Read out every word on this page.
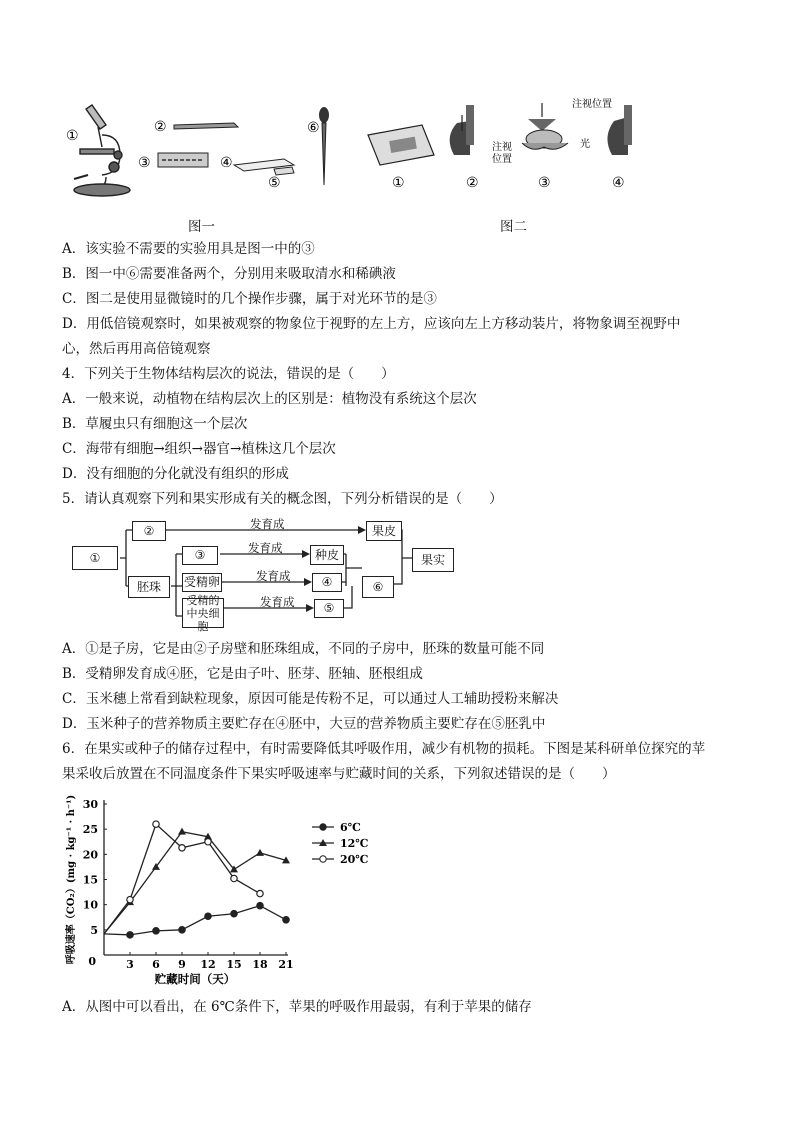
①
②
③	④
⑤
⑥
注视
位置
注视位置
光
①	②	③	④
图一	图二
A．该实验不需要的实验用具是图一中的③
B．图一中⑥需要准备两个，分别用来吸取清水和稀碘液
C．图二是使用显微镜时的几个操作步骤，属于对光环节的是③
D．用低倍镜观察时，如果被观察的物象位于视野的左上方，应该向左上方移动装片，将物象调至视野中
心，然后再用高倍镜观察
4．下列关于生物体结构层次的说法，错误的是（　　）
A．一般来说，动植物在结构层次上的区别是：植物没有系统这个层次
B．草履虫只有细胞这一个层次
C．海带有细胞→组织→器官→植株这几个层次
D．没有细胞的分化就没有组织的形成
5．请认真观察下列和果实形成有关的概念图，下列分析错误的是（　　）
①
②	果皮
胚珠
③
受精卵
受精的
中央细胞
种皮
④
⑤
⑥
果实
发育成
发育成
发育成
发育成
A．①是子房，它是由②子房壁和胚珠组成，不同的子房中，胚珠的数量可能不同
B．受精卵发育成④胚，它是由子叶、胚芽、胚轴、胚根组成
C．玉米穗上常看到缺粒现象，原因可能是传粉不足，可以通过人工辅助授粉来解决
D．玉米种子的营养物质主要贮存在④胚中，大豆的营养物质主要贮存在⑤胚乳中
6．在果实或种子的储存过程中，有时需要降低其呼吸作用，减少有机物的损耗。下图是某科研单位探究的苹
果采收后放置在不同温度条件下果实呼吸速率与贮藏时间的关系，下列叙述错误的是（　　）
3 6 9 12 15 18 21
5
10
15
20
25
30
0
贮藏时间（天）
呼吸速率（CO₂）(mg · kg⁻¹ · h⁻¹)	6℃
12℃
20℃
A．从图中可以看出，在 6℃条件下，苹果的呼吸作用最弱，有利于苹果的储存
